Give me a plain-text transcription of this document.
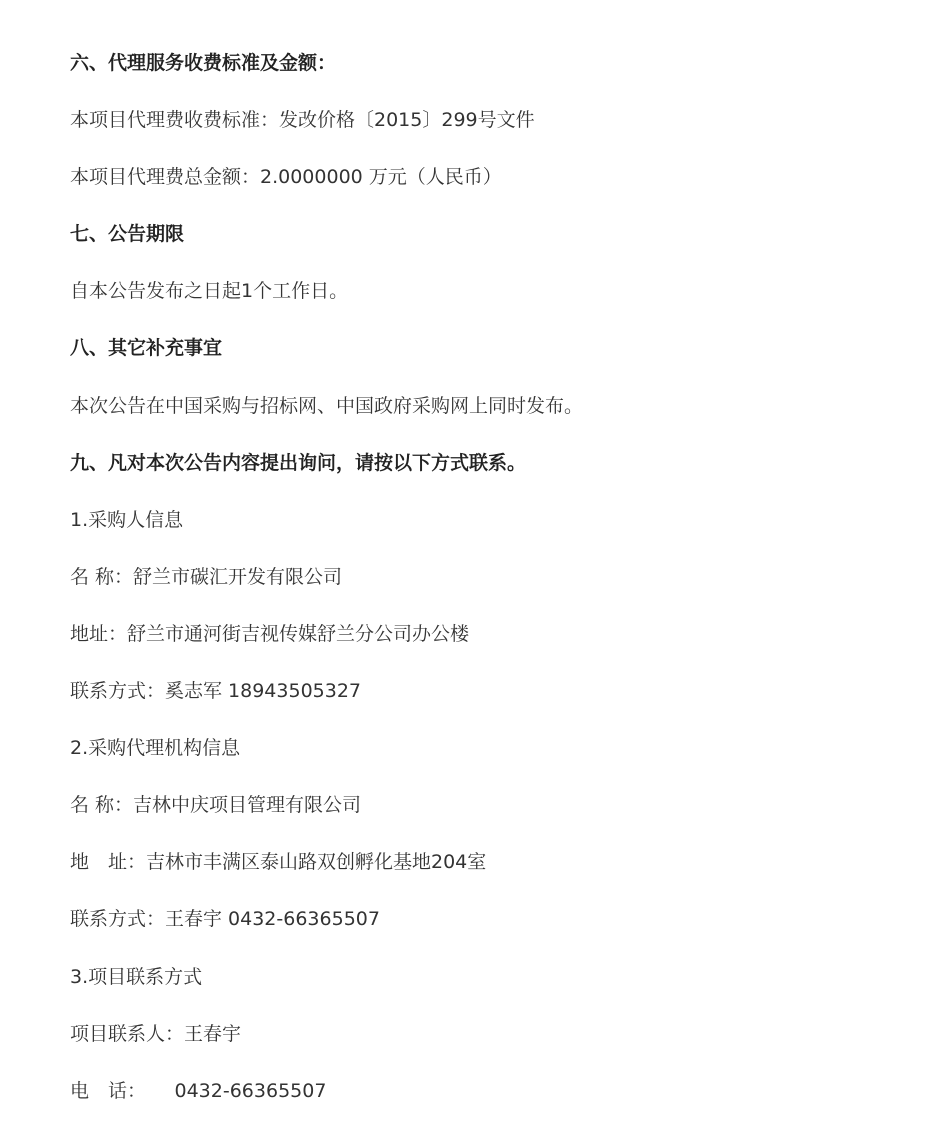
六、代理服务收费标准及金额：

本项目代理费收费标准：发改价格〔2015〕299号文件

本项目代理费总金额：2.0000000 万元（人民币）

七、公告期限

自本公告发布之日起1个工作日。

八、其它补充事宜

本次公告在中国采购与招标网、中国政府采购网上同时发布。

九、凡对本次公告内容提出询问，请按以下方式联系。

1.采购人信息

名 称：舒兰市碳汇开发有限公司

地址：舒兰市通河街吉视传媒舒兰分公司办公楼

联系方式：奚志军 18943505327

2.采购代理机构信息

名 称：吉林中庆项目管理有限公司

地　址：吉林市丰满区泰山路双创孵化基地204室

联系方式：王春宇 0432-66365507

3.项目联系方式

项目联系人：王春宇

电　话：　　0432-66365507
